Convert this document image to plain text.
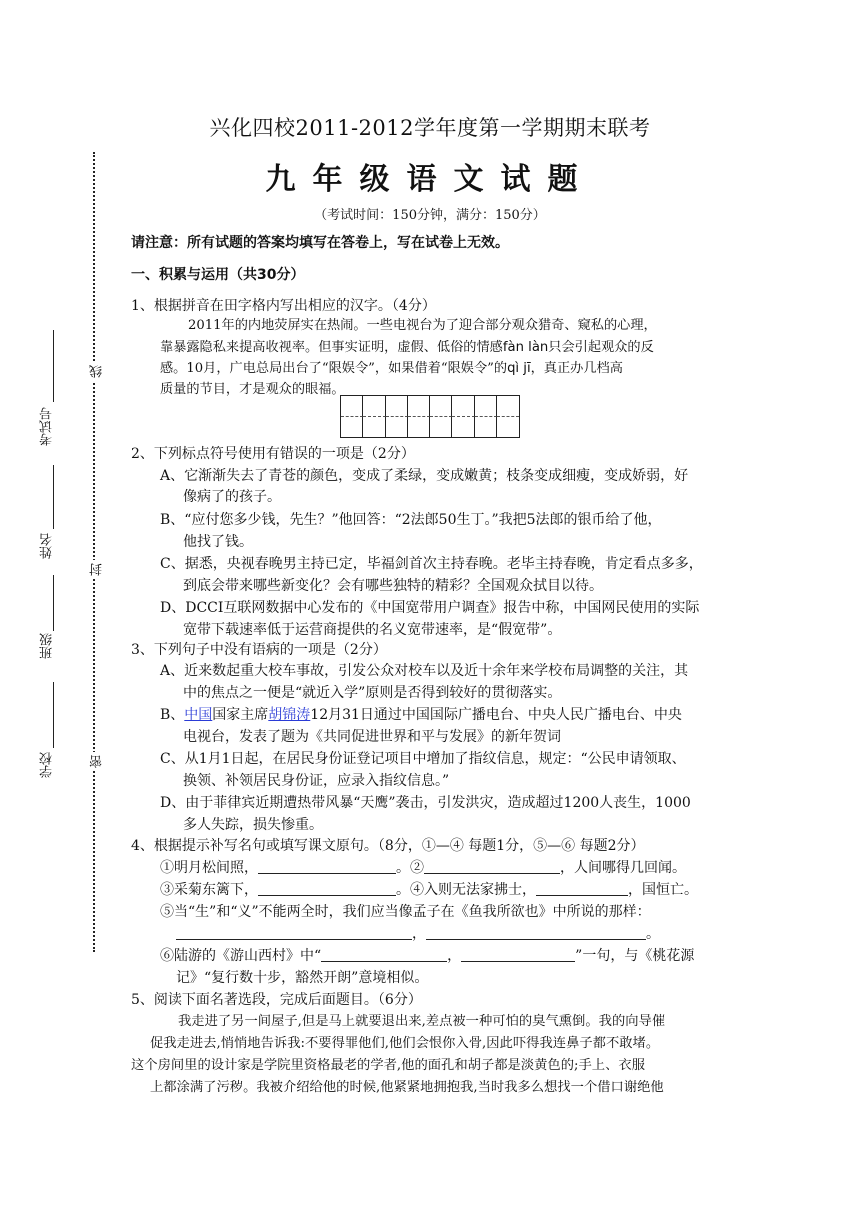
兴化四校2011-2012学年度第一学期期末联考
九年级语文试题
（考试时间：150分钟，满分：150分）
请注意：所有试题的答案均填写在答卷上，写在试卷上无效。
一、积累与运用（共30分）
线
封
密
考试号
姓名
班级
学校
1、根据拼音在田字格内写出相应的汉字。（4分）
2011年的内地荧屏实在热闹。一些电视台为了迎合部分观众猎奇、窥私的心理，
靠暴露隐私来提高收视率。但事实证明，虚假、低俗的情感fàn làn只会引起观众的反
感。10月，广电总局出台了“限娱令”，如果借着“限娱令”的qì jī，真正办几档高
质量的节目，才是观众的眼福。
2、下列标点符号使用有错误的一项是（2分）
A、它渐渐失去了青苍的颜色，变成了柔绿，变成嫩黄；枝条变成细瘦，变成娇弱，好
像病了的孩子。
B、“应付您多少钱，先生？”他回答：“2法郎50生丁。”我把5法郎的银币给了他，
他找了钱。
C、据悉，央视春晚男主持已定，毕福剑首次主持春晚。老毕主持春晚，肯定看点多多，
到底会带来哪些新变化？会有哪些独特的精彩？全国观众拭目以待。
D、DCCI互联网数据中心发布的《中国宽带用户调查》报告中称，中国网民使用的实际
宽带下载速率低于运营商提供的名义宽带速率，是“假宽带”。
3、下列句子中没有语病的一项是（2分）
A、近来数起重大校车事故，引发公众对校车以及近十余年来学校布局调整的关注，其
中的焦点之一便是“就近入学”原则是否得到较好的贯彻落实。
B、中国国家主席胡锦涛12月31日通过中国国际广播电台、中央人民广播电台、中央
电视台，发表了题为《共同促进世界和平与发展》的新年贺词
C、从1月1日起，在居民身份证登记项目中增加了指纹信息，规定：“公民申请领取、
换领、补领居民身份证，应录入指纹信息。”
D、由于菲律宾近期遭热带风暴“天鹰”袭击，引发洪灾，造成超过1200人丧生，1000
多人失踪，损失惨重。
4、根据提示补写名句或填写课文原句。（8分，①—④ 每题1分，⑤—⑥ 每题2分）
①明月松间照，	。②	，人间哪得几回闻。
③采菊东篱下，	。④入则无法家拂士，	，国恒亡。
⑤当“生”和“义”不能两全时，我们应当像孟子在《鱼我所欲也》中所说的那样：
，	。
⑥陆游的《游山西村》中“	，	”一句，与《桃花源
记》“复行数十步，豁然开朗”意境相似。
5、阅读下面名著选段，完成后面题目。（6分）
我走进了另一间屋子,但是马上就要退出来,差点被一种可怕的臭气熏倒。我的向导催
促我走进去,悄悄地告诉我:不要得罪他们,他们会恨你入骨,因此吓得我连鼻子都不敢堵。
这个房间里的设计家是学院里资格最老的学者,他的面孔和胡子都是淡黄色的;手上、衣服
上都涂满了污秽。我被介绍给他的时候,他紧紧地拥抱我,当时我多么想找一个借口谢绝他
